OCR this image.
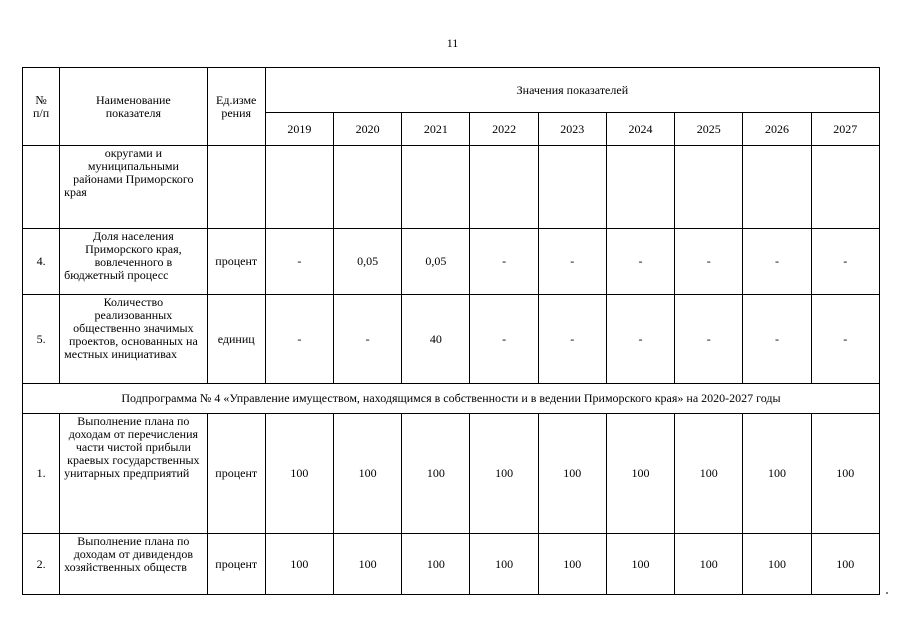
11
№ п/п	Наименование показателя	Ед.изме рения	Значения показателей								
			2019	2020	2021	2022	2023	2024	2025	2026	2027
	округами и муниципальными районами Приморского края										
4.	Доля населения Приморского края, вовлеченного в бюджетный процесс	процент	-	0,05	0,05	-	-	-	-	-	-
5.	Количество реализованных общественно значимых проектов, основанных на местных инициативах	единиц	-	-	40	-	-	-	-	-	-
Подпрограмма № 4 «Управление имуществом, находящимся в собственности и в ведении Приморского края» на 2020-2027 годы											
1.	Выполнение плана по доходам от перечисления части чистой прибыли краевых государственных унитарных предприятий	процент	100	100	100	100	100	100	100	100	100
2.	Выполнение плана по доходам от дивидендов хозяйственных обществ	процент	100	100	100	100	100	100	100	100	100
